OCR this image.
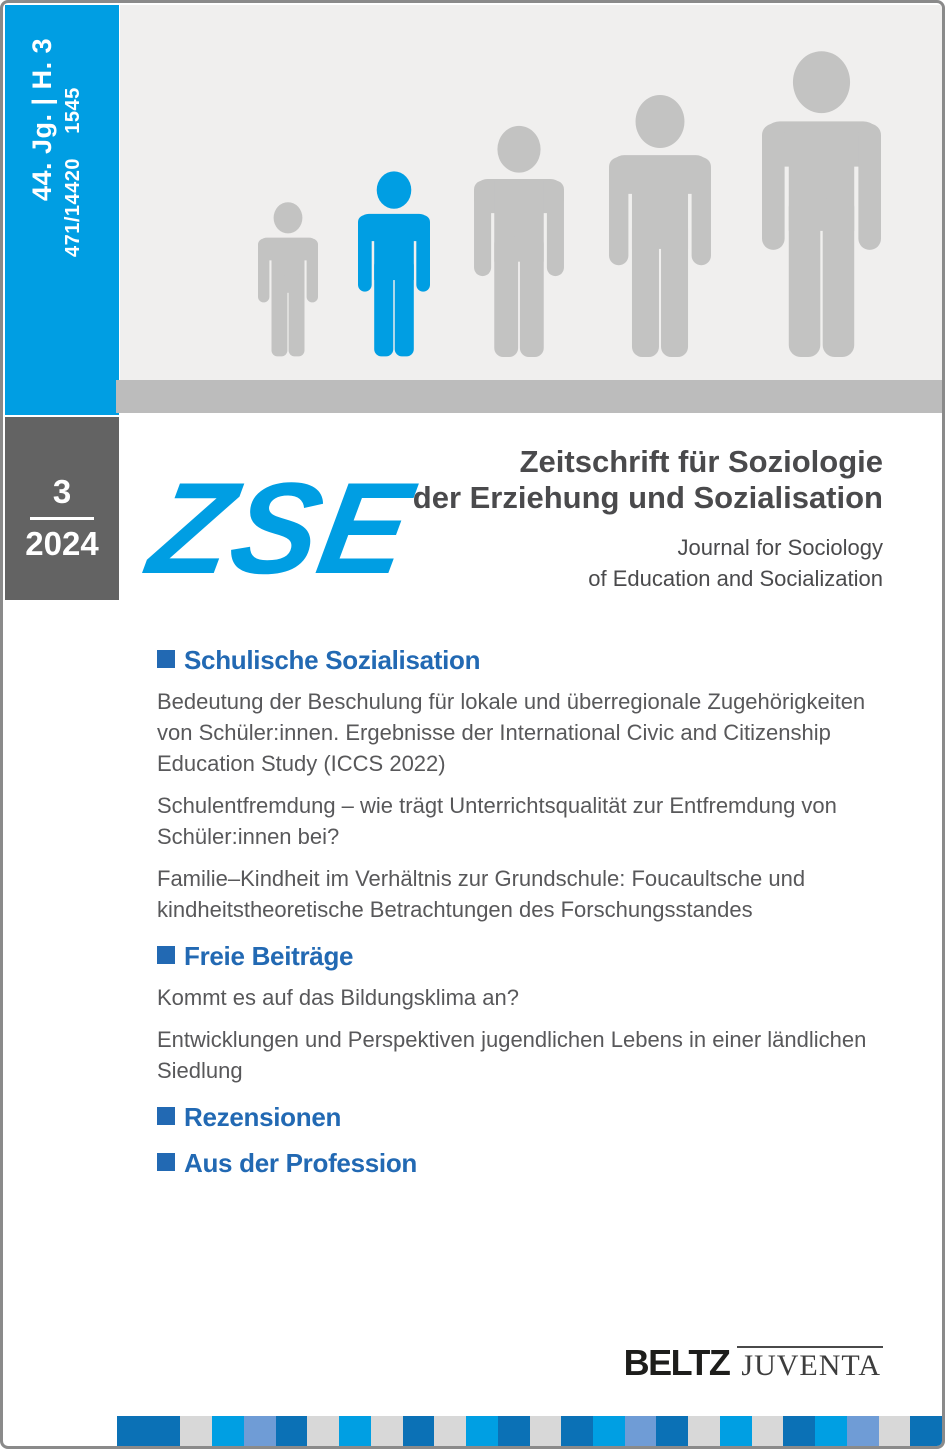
44. Jg. | H. 3 471/14420    1545
3
2024 ZSE	Zeitschrift für Soziologie
der Erziehung und Sozialisation
Journal for Sociology
of Education and Socialization
Schulische Sozialisation

Bedeutung der Beschulung für lokale und überregionale Zugehörigkeiten von Schüler:innen. Ergebnisse der International Civic and Citizenship Education Study (ICCS 2022)

Schulentfremdung – wie trägt Unterrichtsqualität zur Entfremdung von Schüler:innen bei?

Familie–Kindheit im Verhältnis zur Grundschule: Foucaultsche und kindheitstheoretische Betrachtungen des Forschungsstandes

Freie Beiträge

Kommt es auf das Bildungsklima an?

Entwicklungen und Perspektiven jugendlichen Lebens in einer ländlichen Siedlung

Rezensionen
Aus der Profession
BELTZ JUVENTA
